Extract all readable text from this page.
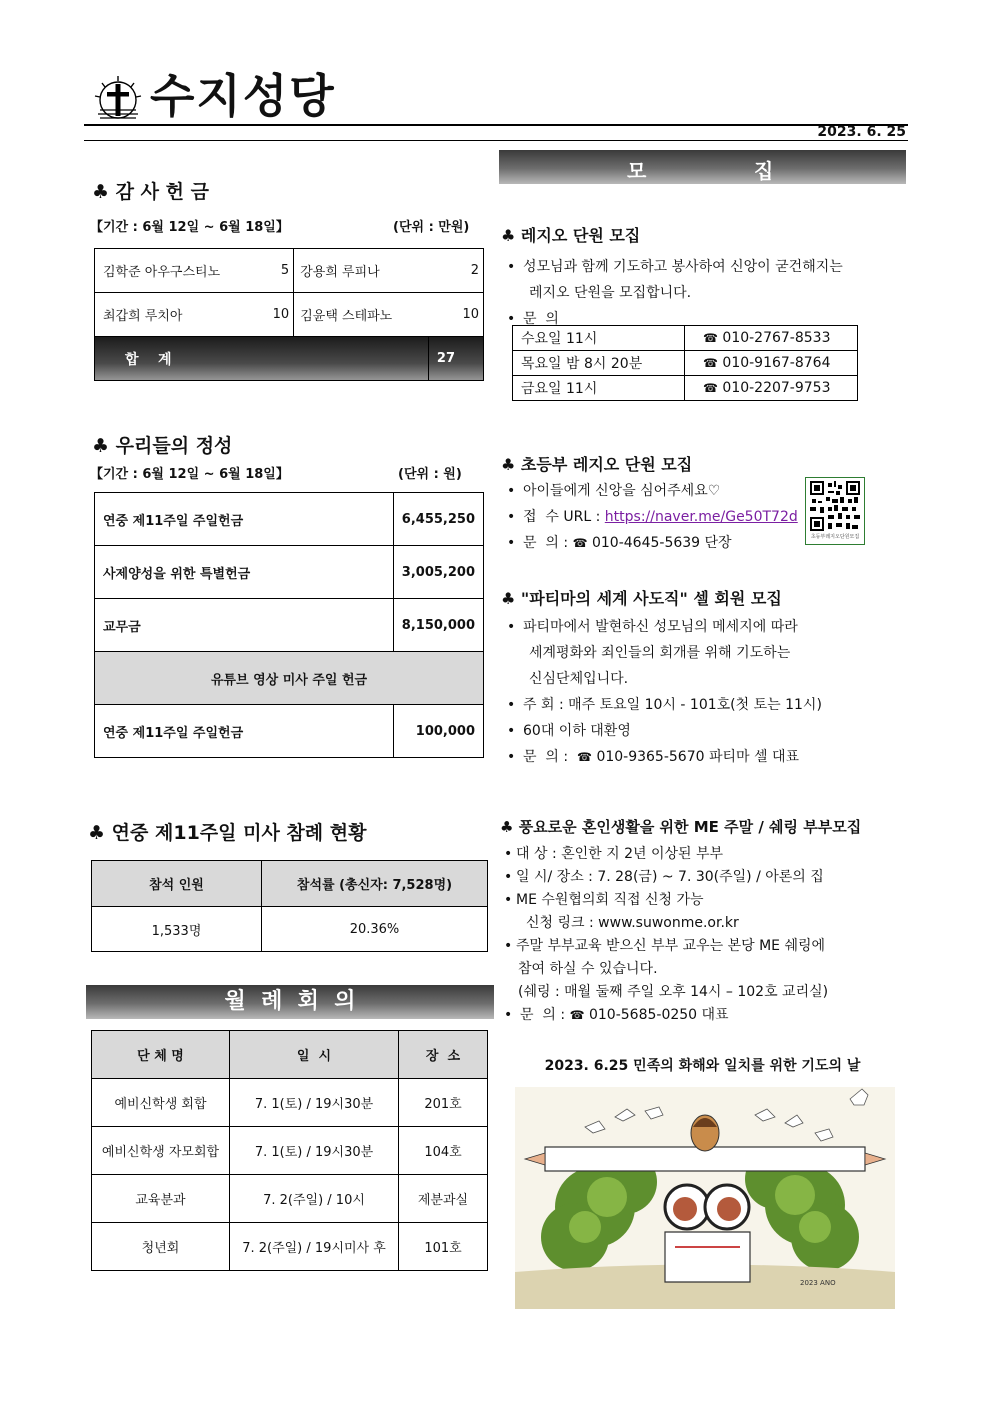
수지성당
2023. 6. 25
♣ 감 사 헌 금
【기간 : 6월 12일 ~ 6월 18일】	(단위 : 만원)
김학준 아우구스티노	5	강용희 루피나	2
최갑희 루치아	10	김윤택 스테파노	10
합    계			27
♣ 우리들의 정성
【기간 : 6월 12일 ~ 6월 18일】	(단위 : 원)
연중 제11주일 주일헌금	6,455,250
사제양성을 위한 특별헌금	3,005,200
교무금	8,150,000
유튜브 영상 미사 주일 헌금	
연중 제11주일 주일헌금	100,000
♣ 연중 제11주일 미사 참례 현황
참석 인원	참석률 (총신자: 7,528명)
1,533명	20.36%
월  례  회  의
단 체 명	일  시	장  소
예비신학생 회합	7. 1(토) / 19시30분	201호
예비신학생 자모회합	7. 1(토) / 19시30분	104호
교육분과	7. 2(주일) / 10시	제분과실
청년회	7. 2(주일) / 19시미사 후	101호
모	집
♣ 레지오 단원 모집
• 성모님과 함께 기도하고 봉사하여 신앙이 굳건해지는
레지오 단원을 모집합니다.
• 문  의
수요일 11시	☎ 010-2767-8533
목요일 밤 8시 20분	☎ 010-9167-8764
금요일 11시	☎ 010-2207-9753
♣ 초등부 레지오 단원 모집
• 아이들에게 신앙을 심어주세요♡
• 접  수 URL : https://naver.me/Ge50T72d
• 문  의 : ☎ 010-4645-5639 단장	초등부레지오단원모집
♣ "파티마의 세계 사도직" 셀 회원 모집
• 파티마에서 발현하신 성모님의 메세지에 따라
세계평화와 죄인들의 회개를 위해 기도하는
신심단체입니다.
• 주 회 : 매주 토요일 10시 - 101호(첫 토는 11시)
• 60대 이하 대환영
• 문  의 :  ☎ 010-9365-5670 파티마 셀 대표
♣ 풍요로운 혼인생활을 위한 ME 주말 / 쉐링 부부모집
• 대 상 : 혼인한 지 2년 이상된 부부
• 일 시/ 장소 : 7. 28(금) ~ 7. 30(주일) / 아론의 집
• ME 수원협의회 직접 신청 가능
신청 링크 : www.suwonme.or.kr
• 주말 부부교육 받으신 부부 교우는 본당 ME 쉐링에
참여 하실 수 있습니다.
(쉐링 : 매월 둘째 주일 오후 14시 – 102호 교리실)
• 문  의 : ☎ 010-5685-0250 대표
2023. 6.25 민족의 화해와 일치를 위한 기도의 날
2023 ANO
